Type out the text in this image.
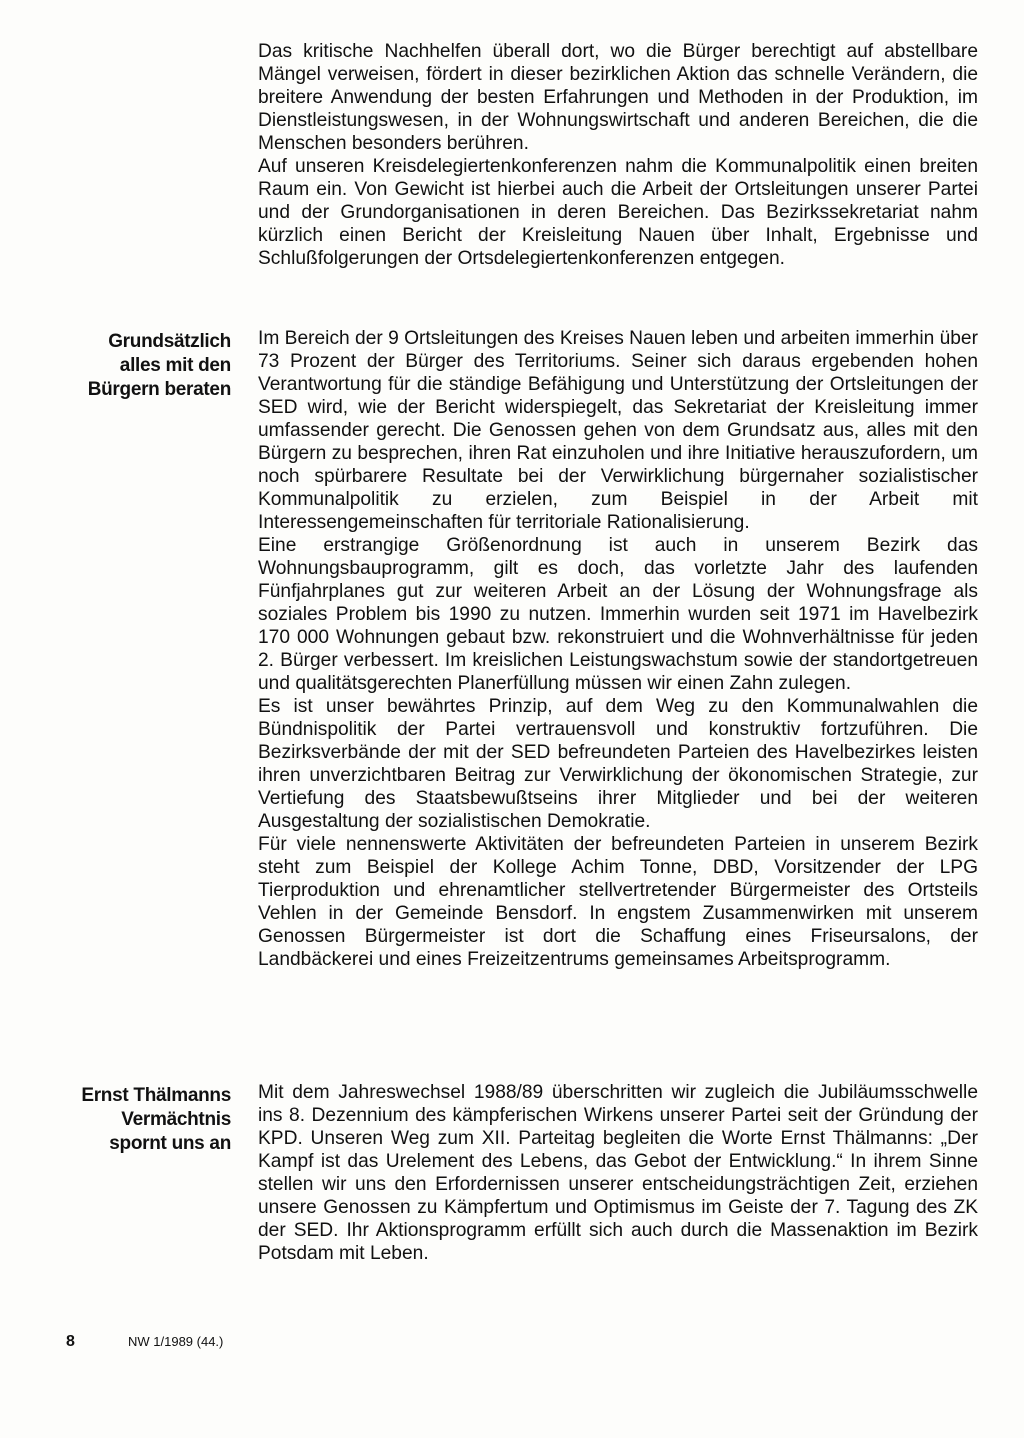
Das kritische Nachhelfen überall dort, wo die Bürger berechtigt auf abstellbare Mängel verweisen, fördert in dieser bezirklichen Aktion das schnelle Verändern, die breitere Anwendung der besten Erfahrungen und Methoden in der Produktion, im Dienstleistungswesen, in der Wohnungswirtschaft und anderen Bereichen, die die Menschen besonders berühren.

Auf unseren Kreisdelegiertenkonferenzen nahm die Kommunalpolitik einen breiten Raum ein. Von Gewicht ist hierbei auch die Arbeit der Ortsleitungen unserer Partei und der Grundorganisationen in deren Bereichen. Das Bezirkssekretariat nahm kürzlich einen Bericht der Kreisleitung Nauen über Inhalt, Ergebnisse und Schlußfolgerungen der Ortsdelegiertenkonferenzen entgegen.

Grundsätzlich
alles mit den
Bürgern beraten

Im Bereich der 9 Ortsleitungen des Kreises Nauen leben und arbeiten immerhin über 73 Prozent der Bürger des Territoriums. Seiner sich daraus ergebenden hohen Verantwortung für die ständige Befähigung und Unterstützung der Ortsleitungen der SED wird, wie der Bericht widerspiegelt, das Sekretariat der Kreisleitung immer umfassender gerecht. Die Genossen gehen von dem Grundsatz aus, alles mit den Bürgern zu besprechen, ihren Rat einzuholen und ihre Initiative herauszufordern, um noch spürbarere Resultate bei der Verwirklichung bürgernaher sozialistischer Kommunalpolitik zu erzielen, zum Beispiel in der Arbeit mit Interessengemeinschaften für territoriale Rationalisierung.

Eine erstrangige Größenordnung ist auch in unserem Bezirk das Wohnungsbauprogramm, gilt es doch, das vorletzte Jahr des laufenden Fünfjahrplanes gut zur weiteren Arbeit an der Lösung der Wohnungsfrage als soziales Problem bis 1990 zu nutzen. Immerhin wurden seit 1971 im Havelbezirk 170 000 Wohnungen gebaut bzw. rekonstruiert und die Wohnverhältnisse für jeden 2. Bürger verbessert. Im kreislichen Leistungswachstum sowie der standortgetreuen und qualitätsgerechten Planerfüllung müssen wir einen Zahn zulegen.

Es ist unser bewährtes Prinzip, auf dem Weg zu den Kommunalwahlen die Bündnispolitik der Partei vertrauensvoll und konstruktiv fortzuführen. Die Bezirksverbände der mit der SED befreundeten Parteien des Havelbezirkes leisten ihren unverzichtbaren Beitrag zur Verwirklichung der ökonomischen Strategie, zur Vertiefung des Staatsbewußtseins ihrer Mitglieder und bei der weiteren Ausgestaltung der sozialistischen Demokratie.

Für viele nennenswerte Aktivitäten der befreundeten Parteien in unserem Bezirk steht zum Beispiel der Kollege Achim Tonne, DBD, Vorsitzender der LPG Tierproduktion und ehrenamtlicher stellvertretender Bürgermeister des Ortsteils Vehlen in der Gemeinde Bensdorf. In engstem Zusammenwirken mit unserem Genossen Bürgermeister ist dort die Schaffung eines Friseursalons, der Landbäckerei und eines Freizeitzentrums gemeinsames Arbeitsprogramm.

Ernst Thälmanns
Vermächtnis
spornt uns an

Mit dem Jahreswechsel 1988/89 überschritten wir zugleich die Jubiläumsschwelle ins 8. Dezennium des kämpferischen Wirkens unserer Partei seit der Gründung der KPD. Unseren Weg zum XII. Parteitag begleiten die Worte Ernst Thälmanns: „Der Kampf ist das Urelement des Lebens, das Gebot der Entwicklung.“ In ihrem Sinne stellen wir uns den Erfordernissen unserer entscheidungsträchtigen Zeit, erziehen unsere Genossen zu Kämpfertum und Optimismus im Geiste der 7. Tagung des ZK der SED. Ihr Aktionsprogramm erfüllt sich auch durch die Massenaktion im Bezirk Potsdam mit Leben.

8	NW 1/1989 (44.)
